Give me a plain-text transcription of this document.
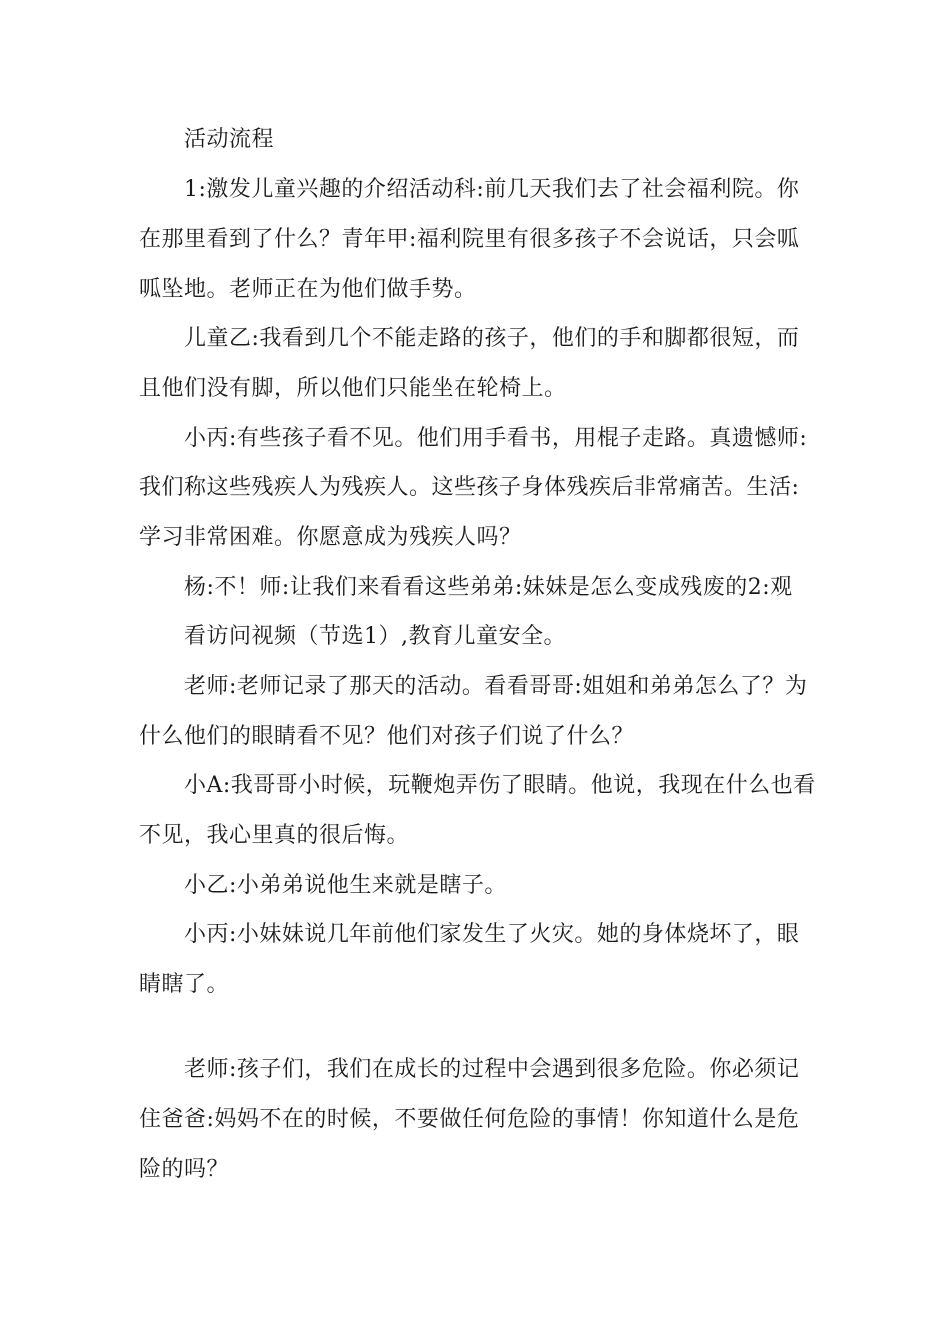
活动流程
1:激发儿童兴趣的介绍活动科:前几天我们去了社会福利院。你
在那里看到了什么？青年甲:福利院里有很多孩子不会说话，只会呱
呱坠地。老师正在为他们做手势。
儿童乙:我看到几个不能走路的孩子，他们的手和脚都很短，而
且他们没有脚，所以他们只能坐在轮椅上。
小丙:有些孩子看不见。他们用手看书，用棍子走路。真遗憾师:
我们称这些残疾人为残疾人。这些孩子身体残疾后非常痛苦。生活:
学习非常困难。你愿意成为残疾人吗？
杨:不！师:让我们来看看这些弟弟:妹妹是怎么变成残废的2:观
看访问视频（节选1）,教育儿童安全。
老师:老师记录了那天的活动。看看哥哥:姐姐和弟弟怎么了？为
什么他们的眼睛看不见？他们对孩子们说了什么？
小A:我哥哥小时候，玩鞭炮弄伤了眼睛。他说，我现在什么也看
不见，我心里真的很后悔。
小乙:小弟弟说他生来就是瞎子。
小丙:小妹妹说几年前他们家发生了火灾。她的身体烧坏了，眼
睛瞎了。
老师:孩子们，我们在成长的过程中会遇到很多危险。你必须记
住爸爸:妈妈不在的时候，不要做任何危险的事情！你知道什么是危
险的吗？
